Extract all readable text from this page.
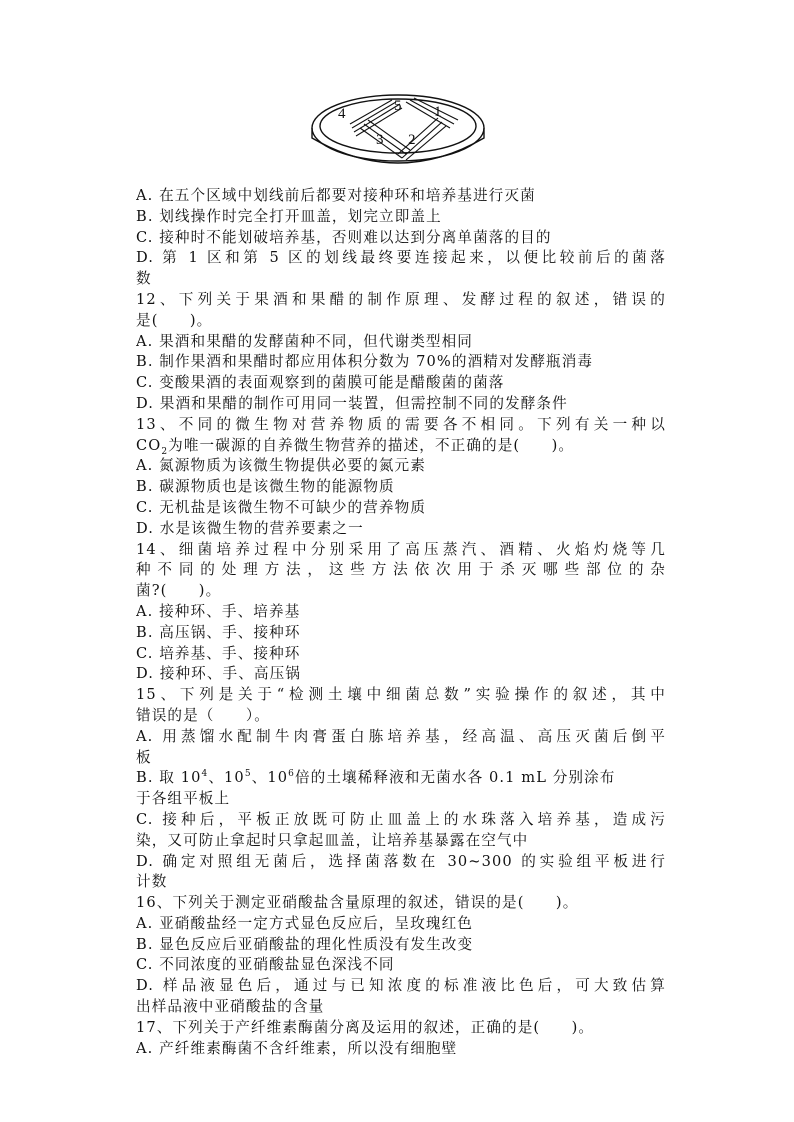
4	5 1
3 2
A. 在五个区域中划线前后都要对接种环和培养基进行灭菌
B. 划线操作时完全打开皿盖，划完立即盖上
C. 接种时不能划破培养基，否则难以达到分离单菌落的目的
D. 第 1 区和第 5 区的划线最终要连接起来，以便比较前后的菌落
数
12、下列关于果酒和果醋的制作原理、发酵过程的叙述，错误的
是(　　)。
A. 果酒和果醋的发酵菌种不同，但代谢类型相同
B. 制作果酒和果醋时都应用体积分数为 70%的酒精对发酵瓶消毒
C. 变酸果酒的表面观察到的菌膜可能是醋酸菌的菌落
D. 果酒和果醋的制作可用同一装置，但需控制不同的发酵条件
13、不同的微生物对营养物质的需要各不相同。下列有关一种以
$CO_2$为唯一碳源的自养微生物营养的描述，不正确的是(　　)。
A. 氮源物质为该微生物提供必要的氮元素
B. 碳源物质也是该微生物的能源物质
C. 无机盐是该微生物不可缺少的营养物质
D. 水是该微生物的营养要素之一
14、细菌培养过程中分别采用了高压蒸汽、酒精、火焰灼烧等几
种不同的处理方法，这些方法依次用于杀灭哪些部位的杂
菌?(　　)。
A. 接种环、手、培养基
B. 高压锅、手、接种环
C. 培养基、手、接种环
D. 接种环、手、高压锅
15、下列是关于“检测土壤中细菌总数”实验操作的叙述，其中
错误的是（　　）。
A. 用蒸馏水配制牛肉膏蛋白胨培养基，经高温、高压灭菌后倒平
板
B. 取 $10^4$、$10^5$、$10^6$倍的土壤稀释液和无菌水各 0.1 mL 分别涂布
于各组平板上
C. 接种后，平板正放既可防止皿盖上的水珠落入培养基，造成污
染，又可防止拿起时只拿起皿盖，让培养基暴露在空气中
D. 确定对照组无菌后，选择菌落数在 30~300 的实验组平板进行
计数
16、下列关于测定亚硝酸盐含量原理的叙述，错误的是(　　)。
A. 亚硝酸盐经一定方式显色反应后，呈玫瑰红色
B. 显色反应后亚硝酸盐的理化性质没有发生改变
C. 不同浓度的亚硝酸盐显色深浅不同
D. 样品液显色后，通过与已知浓度的标准液比色后，可大致估算
出样品液中亚硝酸盐的含量
17、下列关于产纤维素酶菌分离及运用的叙述，正确的是(　　)。
A. 产纤维素酶菌不含纤维素，所以没有细胞壁
